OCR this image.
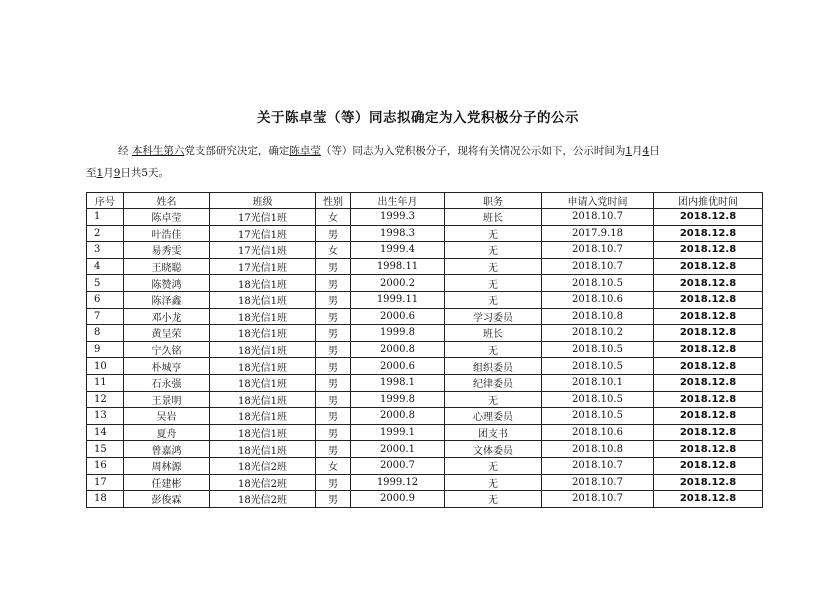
关于陈卓莹（等）同志拟确定为入党积极分子的公示
经 本科生第六党支部研究决定，确定陈卓莹（等）同志为入党积极分子，现将有关情况公示如下，公示时间为1月4日
至1月9日共5天。
序号	姓名	班级	性别	出生年月	职务	申请入党时间	团内推优时间
1	陈卓莹	17光信1班	女	1999.3	班长	2018.10.7	2018.12.8
2	叶浩佳	17光信1班	男	1998.3	无	2017.9.18	2018.12.8
3	易秀雯	17光信1班	女	1999.4	无	2018.10.7	2018.12.8
4	王晓聪	17光信1班	男	1998.11	无	2018.10.7	2018.12.8
5	陈赞鸿	18光信1班	男	2000.2	无	2018.10.5	2018.12.8
6	陈泽鑫	18光信1班	男	1999.11	无	2018.10.6	2018.12.8
7	邓小龙	18光信1班	男	2000.6	学习委员	2018.10.8	2018.12.8
8	黄呈荣	18光信1班	男	1999.8	班长	2018.10.2	2018.12.8
9	宁久铭	18光信1班	男	2000.8	无	2018.10.5	2018.12.8
10	朴城亨	18光信1班	男	2000.6	组织委员	2018.10.5	2018.12.8
11	石永强	18光信1班	男	1998.1	纪律委员	2018.10.1	2018.12.8
12	王景明	18光信1班	男	1999.8	无	2018.10.5	2018.12.8
13	吴岩	18光信1班	男	2000.8	心理委员	2018.10.5	2018.12.8
14	夏舟	18光信1班	男	1999.1	团支书	2018.10.6	2018.12.8
15	曾嘉鸿	18光信1班	男	2000.1	文体委员	2018.10.8	2018.12.8
16	周林源	18光信2班	女	2000.7	无	2018.10.7	2018.12.8
17	任建彬	18光信2班	男	1999.12	无	2018.10.7	2018.12.8
18	彭俊霖	18光信2班	男	2000.9	无	2018.10.7	2018.12.8
